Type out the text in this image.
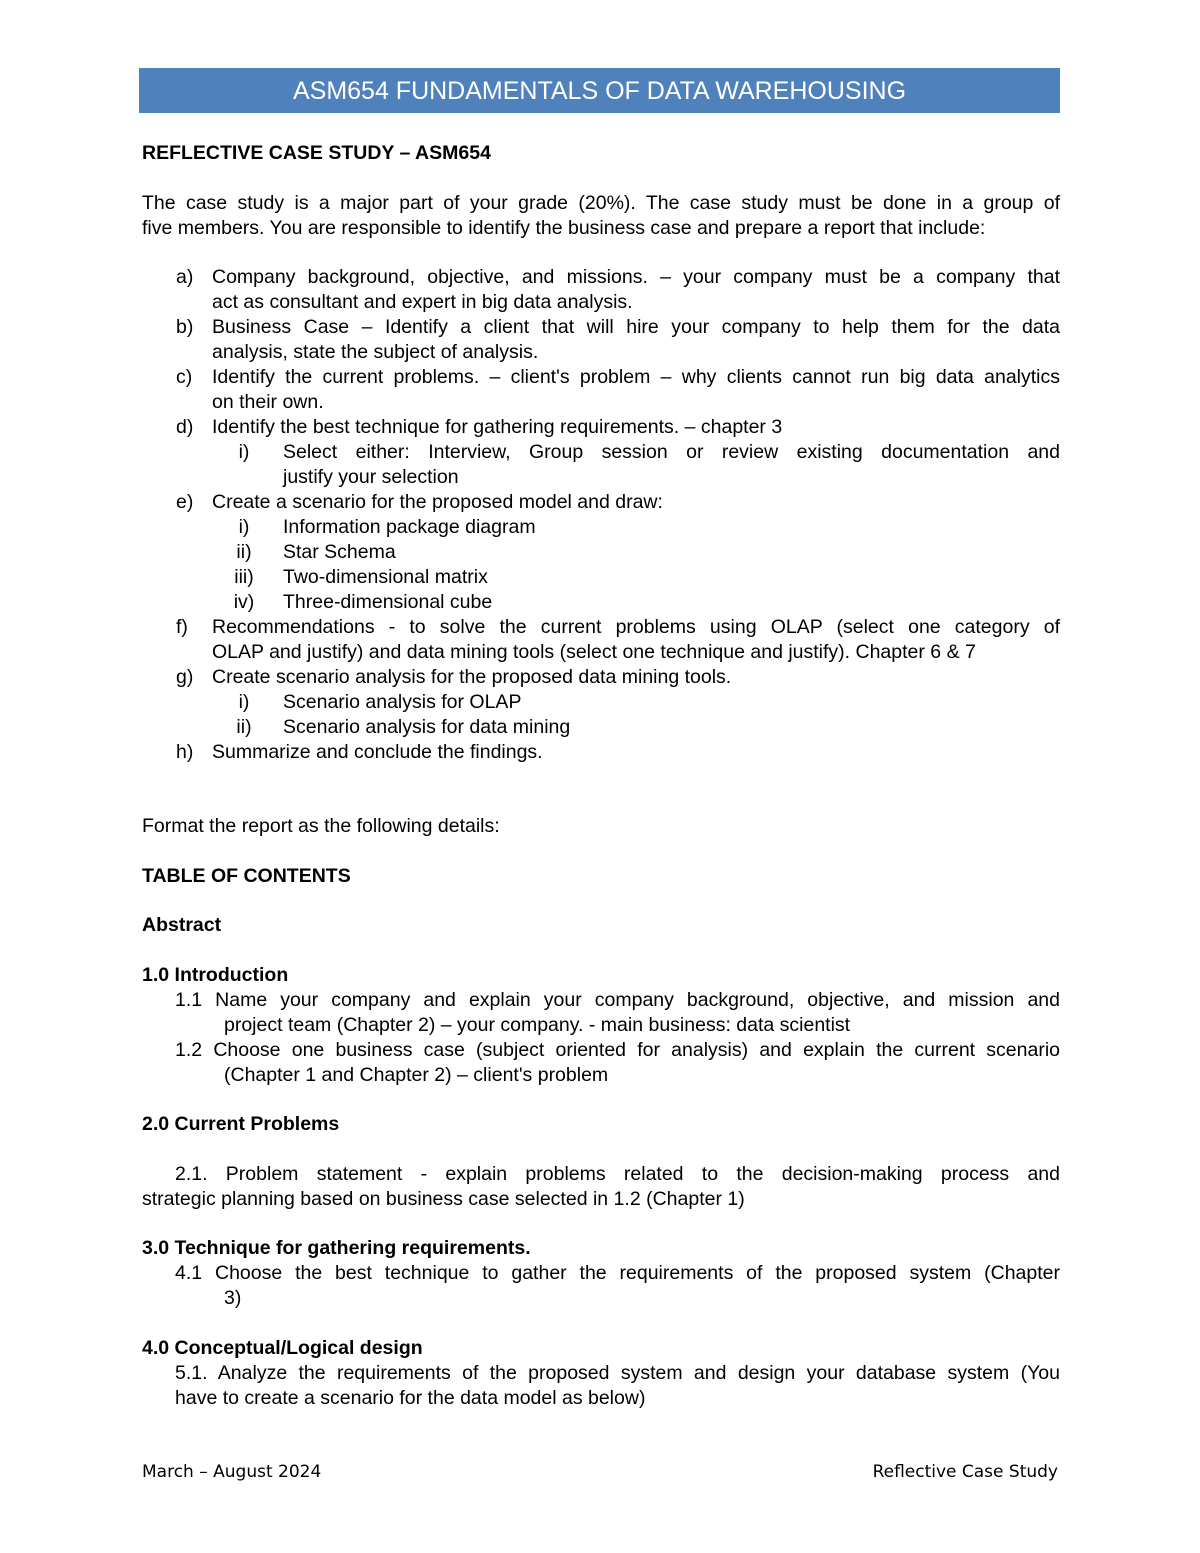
ASM654 FUNDAMENTALS OF DATA WAREHOUSING
REFLECTIVE CASE STUDY – ASM654
The case study is a major part of your grade (20%). The case study must be done in a group of
five members. You are responsible to identify the business case and prepare a report that include:
a) Company background, objective, and missions. – your company must be a company that
act as consultant and expert in big data analysis.
b) Business Case – Identify a client that will hire your company to help them for the data
analysis, state the subject of analysis.
c)	Identify the current problems. – client's problem – why clients cannot run big data analytics
on their own.
d) Identify the best technique for gathering requirements. – chapter 3
i)	Select either: Interview, Group session or review existing documentation and
justify your selection
e) Create a scenario for the proposed model and draw:
i)	Information package diagram
ii)	Star Schema
iii)	Two-dimensional matrix
iv)	Three-dimensional cube
f)	Recommendations - to solve the current problems using OLAP (select one category of
OLAP and justify) and data mining tools (select one technique and justify). Chapter 6 & 7
g) Create scenario analysis for the proposed data mining tools.
i)	Scenario analysis for OLAP
ii)	Scenario analysis for data mining
h) Summarize and conclude the findings.
Format the report as the following details:
TABLE OF CONTENTS
Abstract
1.0 Introduction
1.1 Name your company and explain your company background, objective, and mission and
project team (Chapter 2) – your company. - main business: data scientist
1.2 Choose one business case (subject oriented for analysis) and explain the current scenario
(Chapter 1 and Chapter 2) – client's problem
2.0 Current Problems
2.1. Problem statement - explain problems related to the decision-making process and
strategic planning based on business case selected in 1.2 (Chapter 1)
3.0 Technique for gathering requirements.
4.1 Choose the best technique to gather the requirements of the proposed system (Chapter
3)
4.0 Conceptual/Logical design
5.1. Analyze the requirements of the proposed system and design your database system (You
have to create a scenario for the data model as below)
March – August 2024	Reflective Case Study
